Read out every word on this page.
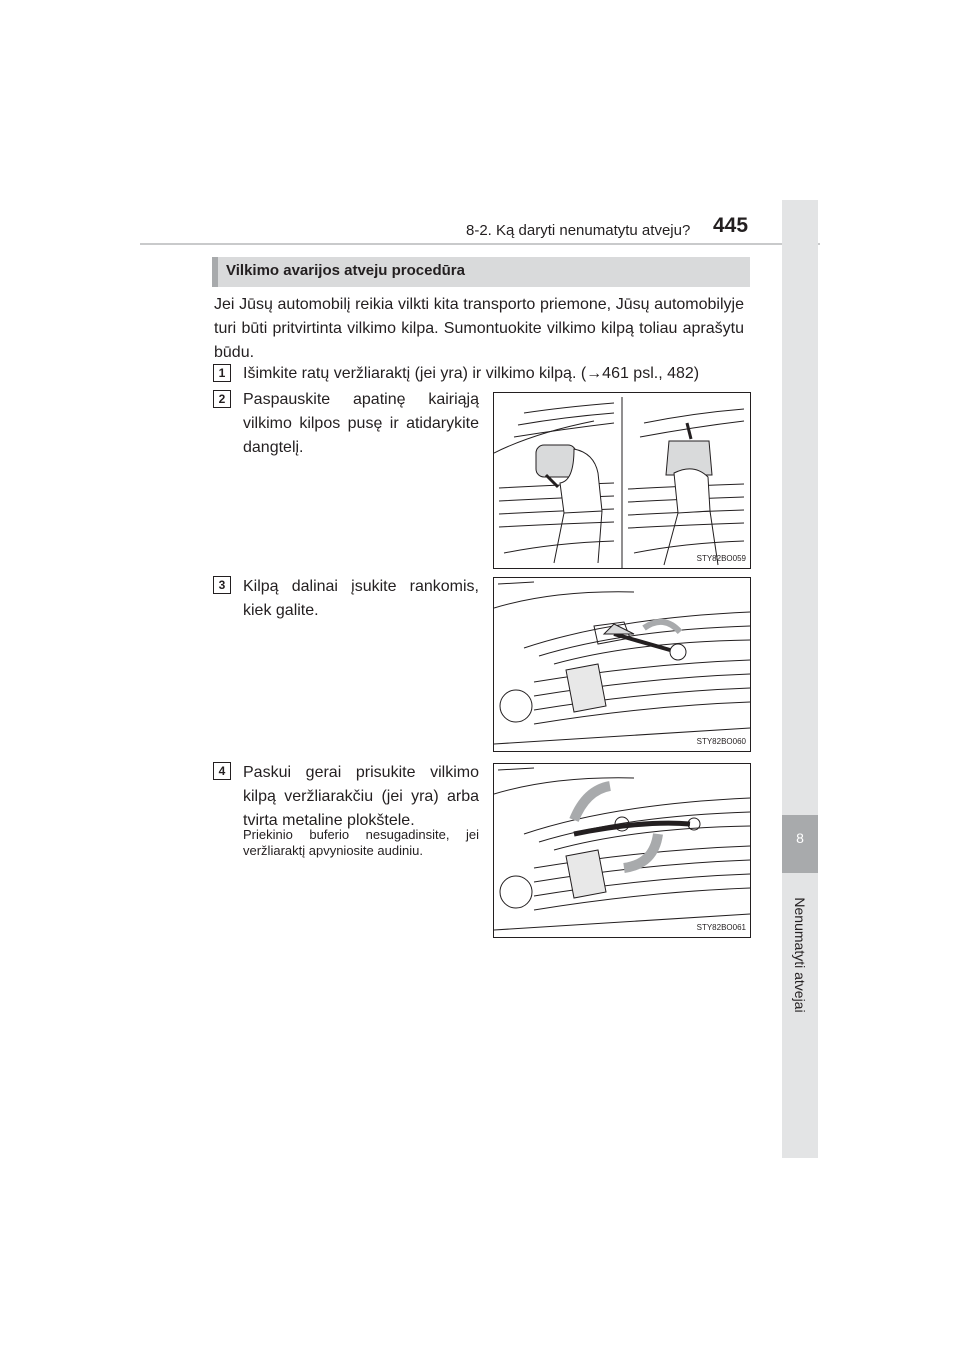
8-2. Ką daryti nenumatytu atveju? 445
8
Nenumatyti atvejai
Vilkimo avarijos atveju procedūra
Jei Jūsų automobilį reikia vilkti kita transporto priemone, Jūsų automobilyje turi būti pritvirtinta vilkimo kilpa. Sumontuokite vilkimo kilpą toliau aprašytu būdu.
1	Išimkite ratų veržliaraktį (jei yra) ir vilkimo kilpą. (→461 psl., 482)
2	Paspauskite apatinę kairiąją vilkimo kilpos pusę ir atidarykite dangtelį.
STY82BO059
3	Kilpą dalinai įsukite rankomis, kiek galite.
STY82BO060
4	Paskui gerai prisukite vilkimo kilpą veržliarakčiu (jei yra) arba tvirta metaline plokštele.
Priekinio buferio nesugadinsite, jei veržliaraktį apvyniosite audiniu.
STY82BO061
